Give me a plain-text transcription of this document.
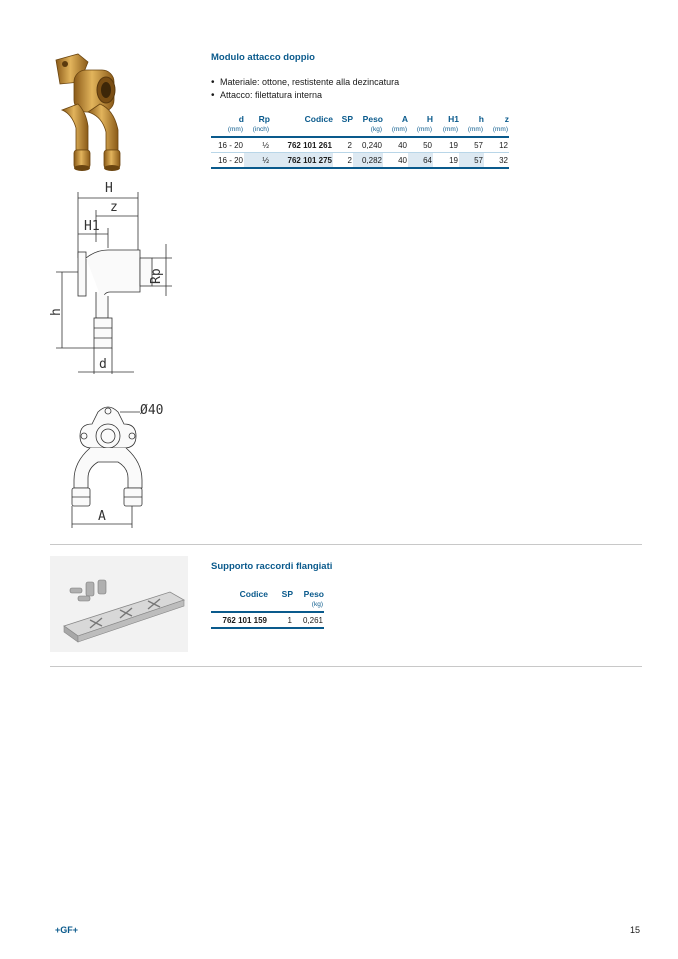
Modulo attacco doppio
• Materiale: ottone, restistente alla dezincatura
• Attacco: filettatura interna
d	Rp	Codice	SP	Peso	A	H	H1	h	z
(mm)	(inch)			(kg)	(mm)	(mm)	(mm)	(mm)	(mm)
16 - 20	½	762 101 261	2	0,240	40	50	19	57	12
16 - 20	½	762 101 275	2	0,282	40	64	19	57	32
H
z
H1
Rp
h
d
Ø40
A
Supporto raccordi flangiati
Codice	SP	Peso
		(kg)
762 101 159	1	0,261
+GF+	15
